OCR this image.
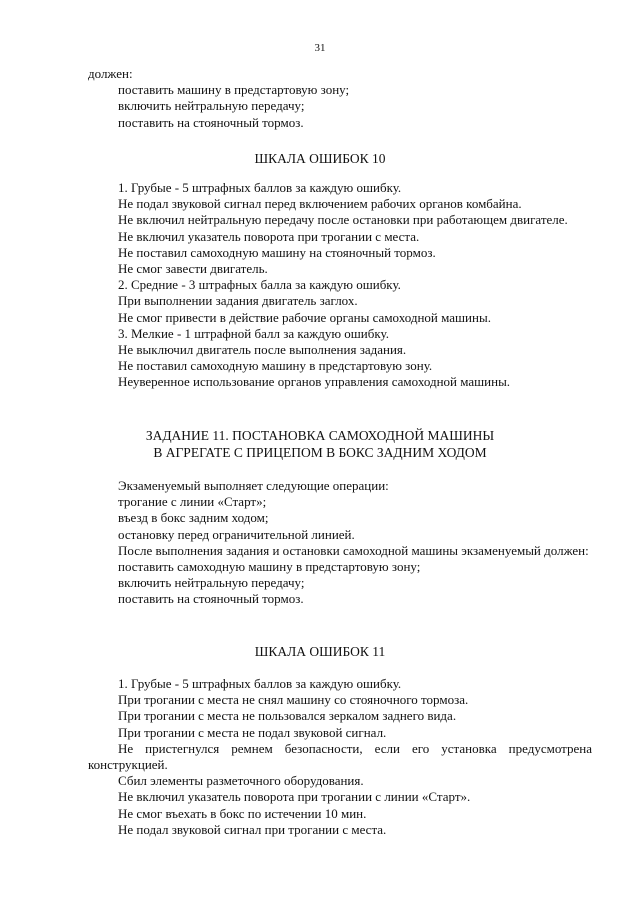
31

должен:

поставить машину в предстартовую зону;

включить нейтральную передачу;

поставить на стояночный тормоз.

ШКАЛА ОШИБОК 10

1. Грубые - 5 штрафных баллов за каждую ошибку.

Не подал звуковой сигнал перед включением рабочих органов комбайна.

Не включил нейтральную передачу после остановки при работающем двигателе.

Не включил указатель поворота при трогании с места.

Не поставил самоходную машину на стояночный тормоз.

Не смог завести двигатель.

2. Средние - 3 штрафных балла за каждую ошибку.

При выполнении задания двигатель заглох.

Не смог привести в действие рабочие органы самоходной машины.

3. Мелкие - 1 штрафной балл за каждую ошибку.

Не выключил двигатель после выполнения задания.

Не поставил самоходную машину в предстартовую зону.

Неуверенное использование органов управления самоходной машины.

ЗАДАНИЕ 11. ПОСТАНОВКА САМОХОДНОЙ МАШИНЫ

В АГРЕГАТЕ С ПРИЦЕПОМ В БОКС ЗАДНИМ ХОДОМ

Экзаменуемый выполняет следующие операции:

трогание с линии «Старт»;

въезд в бокс задним ходом;

остановку перед ограничительной линией.

После выполнения задания и остановки самоходной машины экзаменуемый должен:

поставить самоходную машину в предстартовую зону;

включить нейтральную передачу;

поставить на стояночный тормоз.

ШКАЛА ОШИБОК 11

1. Грубые - 5 штрафных баллов за каждую ошибку.

При трогании с места не снял машину со стояночного тормоза.

При трогании с места не пользовался зеркалом заднего вида.

При трогании с места не подал звуковой сигнал.

Не пристегнулся ремнем безопасности, если его установка предусмотрена конструкцией.

Сбил элементы разметочного оборудования.

Не включил указатель поворота при трогании с линии «Старт».

Не смог въехать в бокс по истечении 10 мин.

Не подал звуковой сигнал при трогании с места.
